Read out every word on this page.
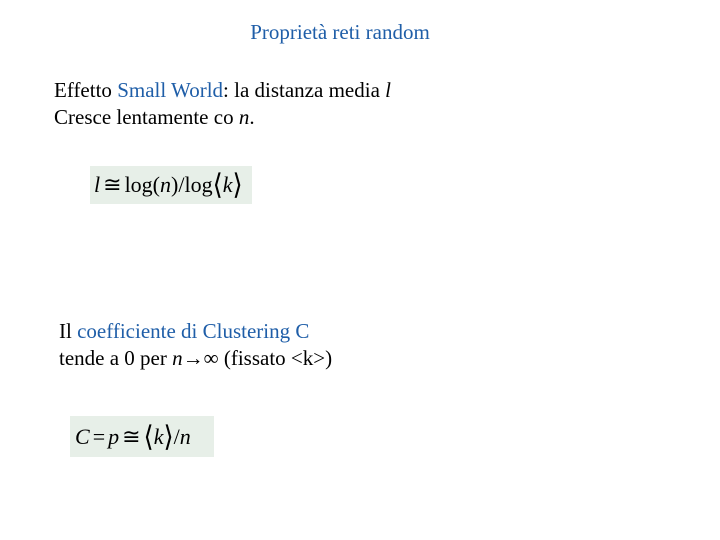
Proprietà reti random
Effetto Small World: la distanza media l
Cresce lentamente co n.
l ≅ log( n ) / log ⟨ k ⟩
Il coefficiente di Clustering C
tende a 0 per n→∞ (fissato <k>)
C = p ≅ ⟨ k ⟩ / n
